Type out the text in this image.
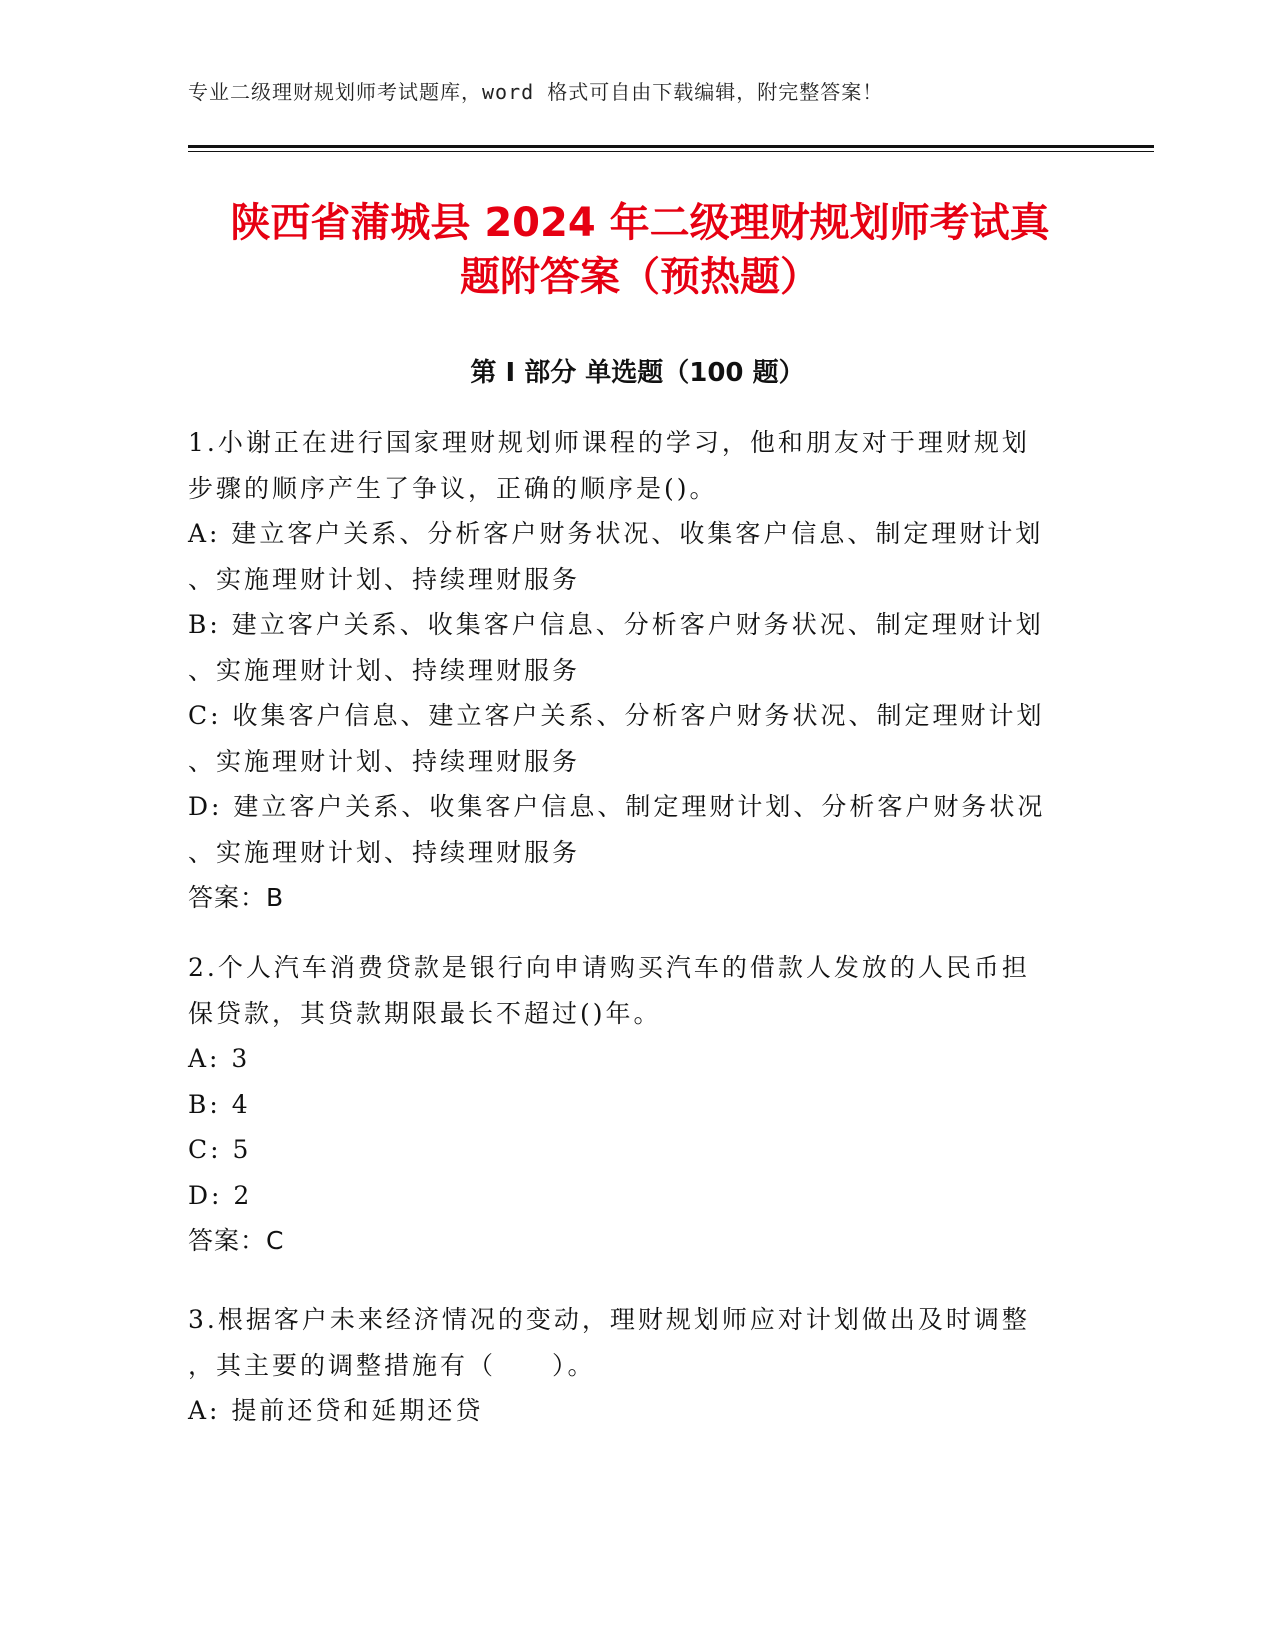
专业二级理财规划师考试题库，word 格式可自由下载编辑，附完整答案！
陕西省蒲城县 2024 年二级理财规划师考试真
题附答案（预热题）
第 I 部分 单选题（100 题）
1.小谢正在进行国家理财规划师课程的学习，他和朋友对于理财规划
步骤的顺序产生了争议，正确的顺序是()。
A: 建立客户关系、分析客户财务状况、收集客户信息、制定理财计划
、实施理财计划、持续理财服务
B: 建立客户关系、收集客户信息、分析客户财务状况、制定理财计划
、实施理财计划、持续理财服务
C: 收集客户信息、建立客户关系、分析客户财务状况、制定理财计划
、实施理财计划、持续理财服务
D: 建立客户关系、收集客户信息、制定理财计划、分析客户财务状况
、实施理财计划、持续理财服务
答案：B
2.个人汽车消费贷款是银行向申请购买汽车的借款人发放的人民币担
保贷款，其贷款期限最长不超过()年。
A: 3
B: 4
C: 5
D: 2
答案：C
3.根据客户未来经济情况的变动，理财规划师应对计划做出及时调整
，其主要的调整措施有（　　）。
A: 提前还贷和延期还贷
